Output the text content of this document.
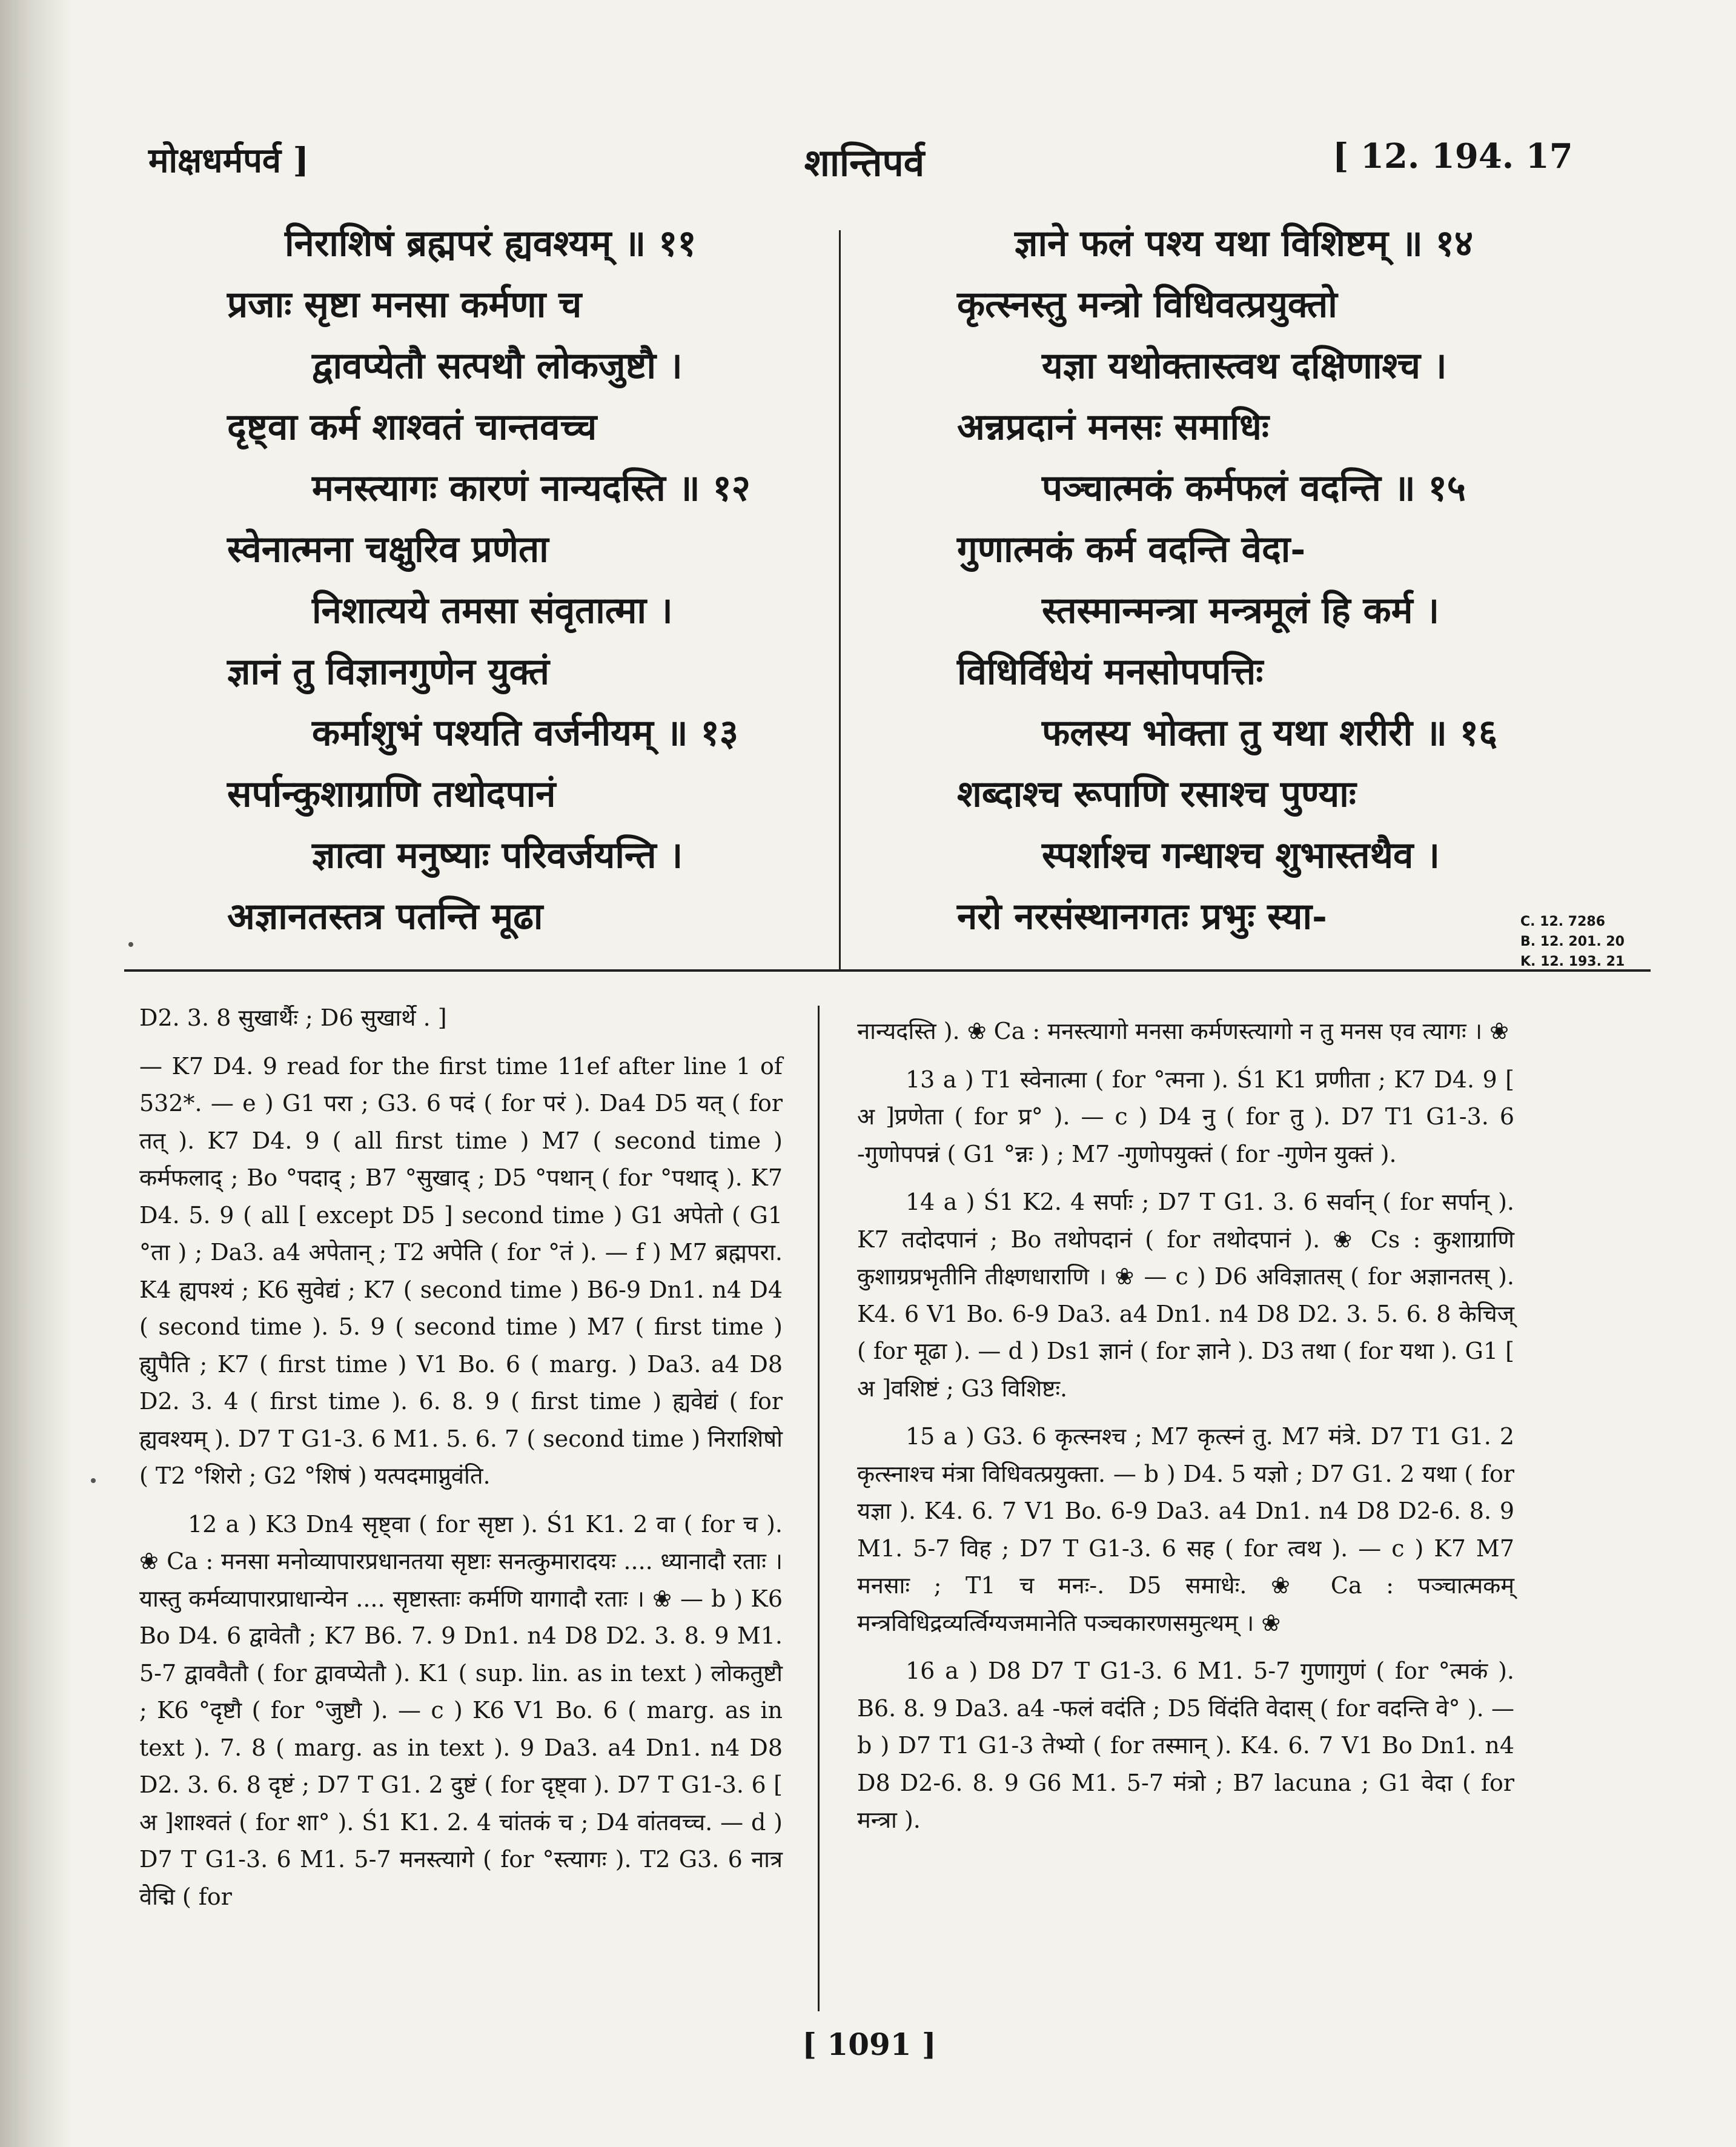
मोक्षधर्मपर्व ]	शान्तिपर्व	[ 12. 194. 17
निराशिषं ब्रह्मपरं ह्यवश्यम् ॥ ११
प्रजाः सृष्टा मनसा कर्मणा च
द्वावप्येतौ सत्पथौ लोकजुष्टौ ।
दृष्ट्वा कर्म शाश्वतं चान्तवच्च
मनस्त्यागः कारणं नान्यदस्ति ॥ १२
स्वेनात्मना चक्षुरिव प्रणेता
निशात्यये तमसा संवृतात्मा ।
ज्ञानं तु विज्ञानगुणेन युक्तं
कर्माशुभं पश्यति वर्जनीयम् ॥ १३
सर्पान्कुशाग्राणि तथोदपानं
ज्ञात्वा मनुष्याः परिवर्जयन्ति ।
अज्ञानतस्तत्र पतन्ति मूढा
ज्ञाने फलं पश्य यथा विशिष्टम् ॥ १४
कृत्स्नस्तु मन्त्रो विधिवत्प्रयुक्तो
यज्ञा यथोक्तास्त्वथ दक्षिणाश्च ।
अन्नप्रदानं मनसः समाधिः
पञ्चात्मकं कर्मफलं वदन्ति ॥ १५
गुणात्मकं कर्म वदन्ति वेदा-
स्तस्मान्मन्त्रा मन्त्रमूलं हि कर्म ।
विधिर्विधेयं मनसोपपत्तिः
फलस्य भोक्ता तु यथा शरीरी ॥ १६
शब्दाश्च रूपाणि रसाश्च पुण्याः
स्पर्शाश्च गन्धाश्च शुभास्तथैव ।
नरो नरसंस्थानगतः प्रभुः स्या-	C. 12. 7286
B. 12. 201. 20
K. 12. 193. 21

D2. 3. 8 सुखार्थैः ; D6 सुखार्थे . ]

— K7 D4. 9 read for the first time 11ef after line 1 of 532*. — e ) G1 परा ; G3. 6 पदं ( for परं ). Da4 D5 यत् ( for तत् ). K7 D4. 9 ( all first time ) M7 ( second time ) कर्मफलाद् ; Bo °पदाद् ; B7 °सुखाद् ; D5 °पथान् ( for °पथाद् ). K7 D4. 5. 9 ( all [ except D5 ] second time ) G1 अपेतो ( G1 °ता ) ; Da3. a4 अपेतान् ; T2 अपेति ( for °तं ). — f ) M7 ब्रह्मपरा. K4 ह्यपश्यं ; K6 सुवेद्यं ; K7 ( second time ) B6-9 Dn1. n4 D4 ( second time ). 5. 9 ( second time ) M7 ( first time ) ह्युपैति ; K7 ( first time ) V1 Bo. 6 ( marg. ) Da3. a4 D8 D2. 3. 4 ( first time ). 6. 8. 9 ( first time ) ह्यवेद्यं ( for ह्यवश्यम् ). D7 T G1-3. 6 M1. 5. 6. 7 ( second time ) निराशिषो ( T2 °शिरो ; G2 °शिषं ) यत्पदमाप्नुवंति.

12 a ) K3 Dn4 सृष्ट्वा ( for सृष्टा ). Ś1 K1. 2 वा ( for च ). ❀ Ca : मनसा मनोव्यापारप्रधानतया सृष्टाः सनत्कुमारादयः .... ध्यानादौ रताः । यास्तु कर्मव्यापारप्राधान्येन .... सृष्टास्ताः कर्मणि यागादौ रताः । ❀ — b ) K6 Bo D4. 6 द्वावेतौ ; K7 B6. 7. 9 Dn1. n4 D8 D2. 3. 8. 9 M1. 5-7 द्वाववैतौ ( for द्वावप्येतौ ). K1 ( sup. lin. as in text ) लोकतुष्टौ ; K6 °दृष्टौ ( for °जुष्टौ ). — c ) K6 V1 Bo. 6 ( marg. as in text ). 7. 8 ( marg. as in text ). 9 Da3. a4 Dn1. n4 D8 D2. 3. 6. 8 दृष्टं ; D7 T G1. 2 दुष्टं ( for दृष्ट्वा ). D7 T G1-3. 6 [ अ ]शाश्वतं ( for शा° ). Ś1 K1. 2. 4 चांतकं च ; D4 वांतवच्च. — d ) D7 T G1-3. 6 M1. 5-7 मनस्त्यागे ( for °स्त्यागः ). T2 G3. 6 नात्र वेद्मि ( for

नान्यदस्ति ). ❀ Ca : मनस्त्यागो मनसा कर्मणस्त्यागो न तु मनस एव त्यागः । ❀

13 a ) T1 स्वेनात्मा ( for °त्मना ). Ś1 K1 प्रणीता ; K7 D4. 9 [ अ ]प्रणेता ( for प्र° ). — c ) D4 नु ( for तु ). D7 T1 G1-3. 6 -गुणोपपन्नं ( G1 °न्नः ) ; M7 -गुणोपयुक्तं ( for -गुणेन युक्तं ).

14 a ) Ś1 K2. 4 सर्पाः ; D7 T G1. 3. 6 सर्वान् ( for सर्पान् ). K7 तदोदपानं ; Bo तथोपदानं ( for तथोदपानं ). ❀ Cs : कुशाग्राणि कुशाग्रप्रभृतीनि तीक्ष्णधाराणि । ❀ — c ) D6 अविज्ञातस् ( for अज्ञानतस् ). K4. 6 V1 Bo. 6-9 Da3. a4 Dn1. n4 D8 D2. 3. 5. 6. 8 केचिज् ( for मूढा ). — d ) Ds1 ज्ञानं ( for ज्ञाने ). D3 तथा ( for यथा ). G1 [ अ ]वशिष्टं ; G3 विशिष्टः.

15 a ) G3. 6 कृत्स्नश्च ; M7 कृत्स्नं तु. M7 मंत्रे. D7 T1 G1. 2 कृत्स्नाश्च मंत्रा विधिवत्प्रयुक्ता. — b ) D4. 5 यज्ञो ; D7 G1. 2 यथा ( for यज्ञा ). K4. 6. 7 V1 Bo. 6-9 Da3. a4 Dn1. n4 D8 D2-6. 8. 9 M1. 5-7 विह ; D7 T G1-3. 6 सह ( for त्वथ ). — c ) K7 M7 मनसाः ; T1 च मनः-. D5 समाधेः. ❀ Ca : पञ्चात्मकम् मन्त्रविधिद्रव्यर्त्विग्यजमानेति पञ्चकारणसमुत्थम् । ❀

16 a ) D8 D7 T G1-3. 6 M1. 5-7 गुणागुणं ( for °त्मकं ). B6. 8. 9 Da3. a4 -फलं वदंति ; D5 विंदंति वेदास् ( for वदन्ति वे° ). — b ) D7 T1 G1-3 तेभ्यो ( for तस्मान् ). K4. 6. 7 V1 Bo Dn1. n4 D8 D2-6. 8. 9 G6 M1. 5-7 मंत्रो ; B7 lacuna ; G1 वेदा ( for मन्त्रा ).

[ 1091 ]
